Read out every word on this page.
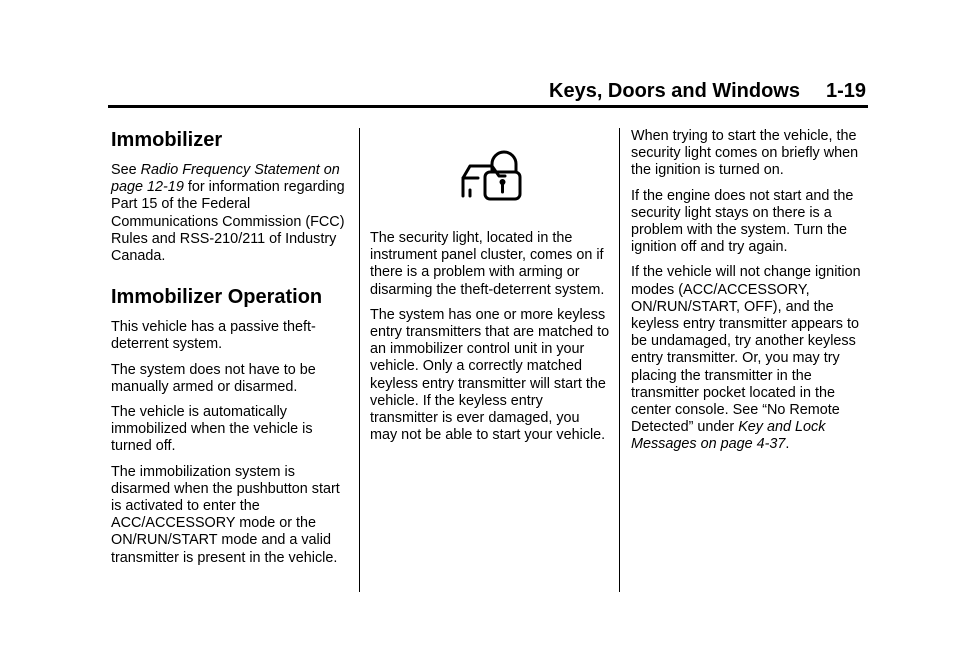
Keys, Doors and Windows 1-19
Immobilizer

See Radio Frequency Statement on page 12-19 for information regarding Part 15 of the Federal Communications Commission (FCC) Rules and RSS-210/211 of Industry Canada.

Immobilizer Operation

This vehicle has a passive theft-deterrent system.

The system does not have to be manually armed or disarmed.

The vehicle is automatically immobilized when the vehicle is turned off.

The immobilization system is disarmed when the pushbutton start is activated to enter the ACC/ACCESSORY mode or the ON/RUN/START mode and a valid transmitter is present in the vehicle.

The security light, located in the instrument panel cluster, comes on if there is a problem with arming or disarming the theft-deterrent system.

The system has one or more keyless entry transmitters that are matched to an immobilizer control unit in your vehicle. Only a correctly matched keyless entry transmitter will start the vehicle. If the keyless entry transmitter is ever damaged, you may not be able to start your vehicle.

When trying to start the vehicle, the security light comes on briefly when the ignition is turned on.

If the engine does not start and the security light stays on there is a problem with the system. Turn the ignition off and try again.

If the vehicle will not change ignition modes (ACC/ACCESSORY, ON/RUN/START, OFF), and the keyless entry transmitter appears to be undamaged, try another keyless entry transmitter. Or, you may try placing the transmitter in the transmitter pocket located in the center console. See “No Remote Detected” under Key and Lock Messages on page 4-37.
